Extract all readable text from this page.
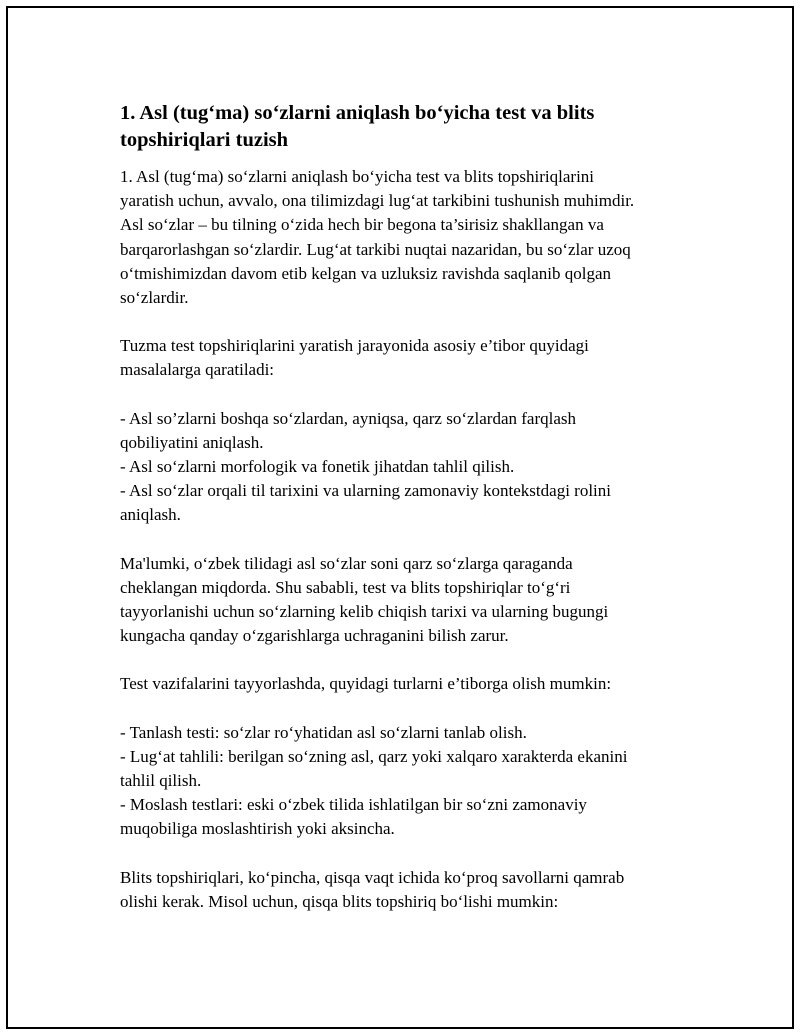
1. Asl (tug‘ma) so‘zlarni aniqlash bo‘yicha test va blits
topshiriqlari tuzish

1. Asl (tug‘ma) so‘zlarni aniqlash bo‘yicha test va blits topshiriqlarini
yaratish uchun, avvalo, ona tilimizdagi lug‘at tarkibini tushunish muhimdir.
Asl so‘zlar – bu tilning o‘zida hech bir begona ta’sirisiz shakllangan va
barqarorlashgan so‘zlardir. Lug‘at tarkibi nuqtai nazaridan, bu so‘zlar uzoq
o‘tmishimizdan davom etib kelgan va uzluksiz ravishda saqlanib qolgan
so‘zlardir.

Tuzma test topshiriqlarini yaratish jarayonida asosiy e’tibor quyidagi
masalalarga qaratiladi:

- Asl so’zlarni boshqa so‘zlardan, ayniqsa, qarz so‘zlardan farqlash
qobiliyatini aniqlash.
- Asl so‘zlarni morfologik va fonetik jihatdan tahlil qilish.
- Asl so‘zlar orqali til tarixini va ularning zamonaviy kontekstdagi rolini
aniqlash.

Ma'lumki, o‘zbek tilidagi asl so‘zlar soni qarz so‘zlarga qaraganda
cheklangan miqdorda. Shu sababli, test va blits topshiriqlar to‘g‘ri
tayyorlanishi uchun so‘zlarning kelib chiqish tarixi va ularning bugungi
kungacha qanday o‘zgarishlarga uchraganini bilish zarur.

Test vazifalarini tayyorlashda, quyidagi turlarni e’tiborga olish mumkin:

- Tanlash testi: so‘zlar ro‘yhatidan asl so‘zlarni tanlab olish.
- Lug‘at tahlili: berilgan so‘zning asl, qarz yoki xalqaro xarakterda ekanini
tahlil qilish.
- Moslash testlari: eski o‘zbek tilida ishlatilgan bir so‘zni zamonaviy
muqobiliga moslashtirish yoki aksincha.

Blits topshiriqlari, ko‘pincha, qisqa vaqt ichida ko‘proq savollarni qamrab
olishi kerak. Misol uchun, qisqa blits topshiriq bo‘lishi mumkin:
